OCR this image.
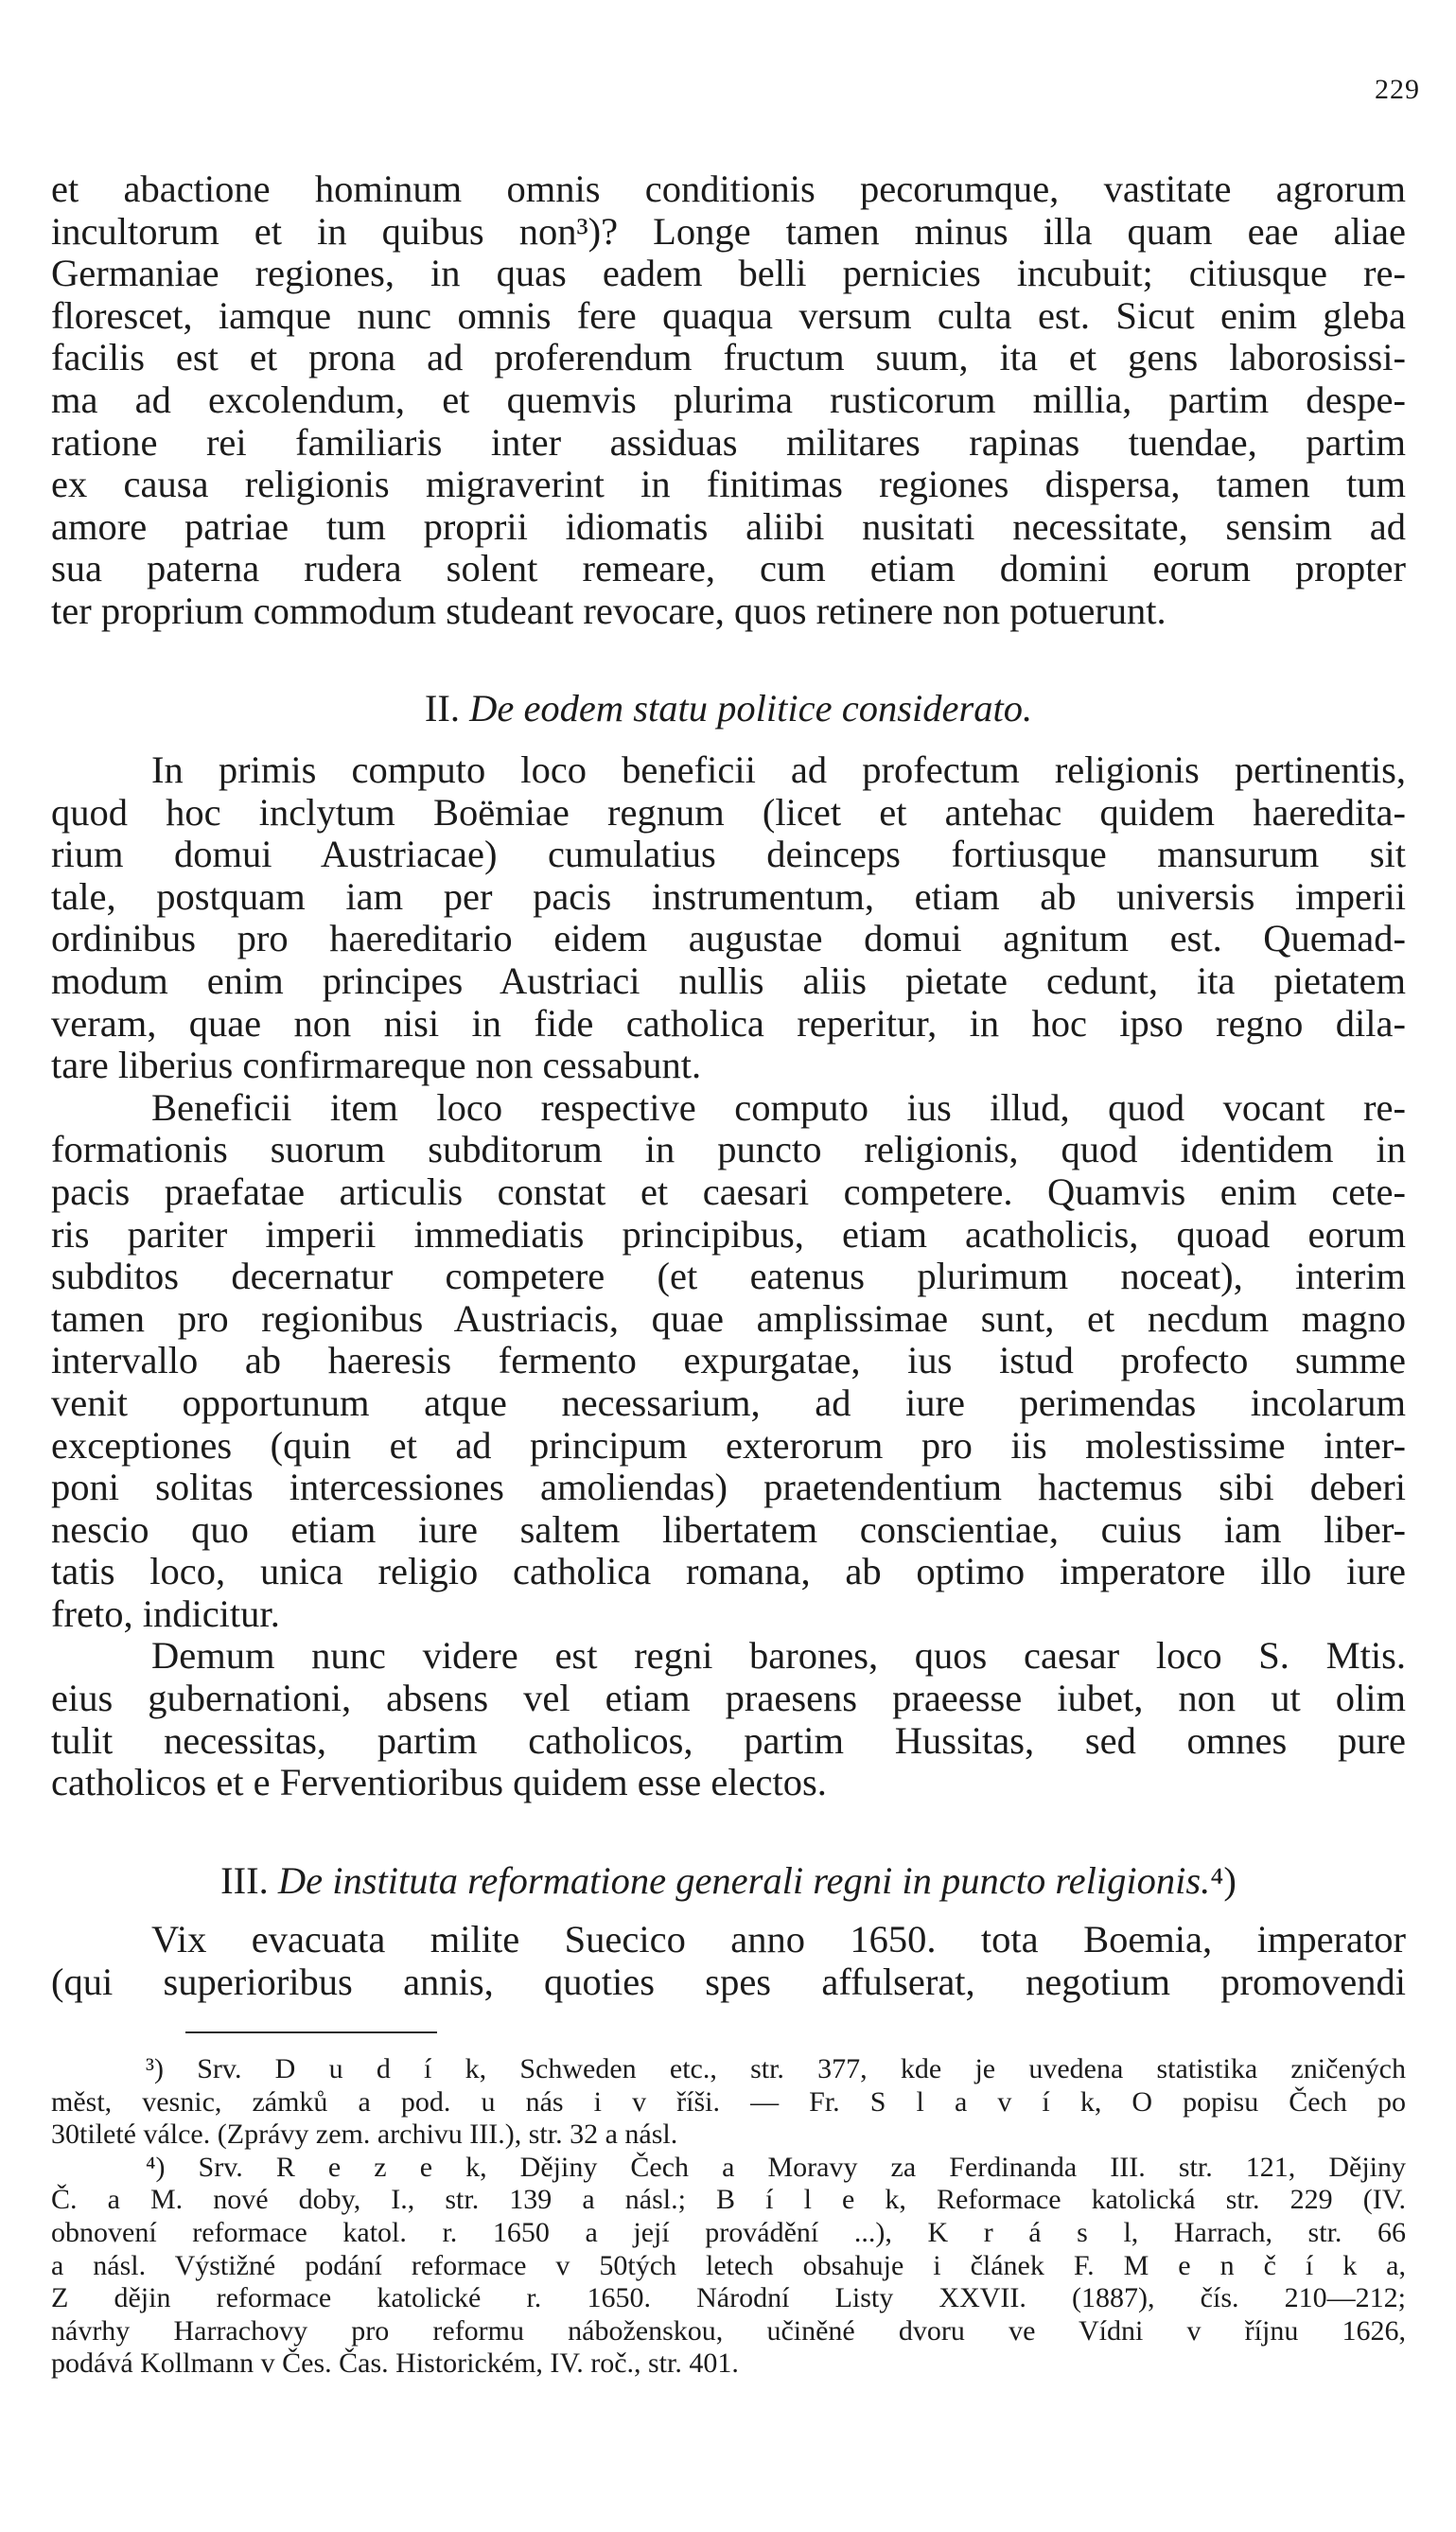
229
et abactione hominum omnis conditionis pecorumque, vastitate agrorum
incultorum et in quibus non³)? Longe tamen minus illa quam eae aliae
Germaniae regiones, in quas eadem belli pernicies incubuit; citiusque re-
florescet, iamque nunc omnis fere quaqua versum culta est. Sicut enim gleba
facilis est et prona ad proferendum fructum suum, ita et gens laborosissi-
ma ad excolendum, et quemvis plurima rusticorum millia, partim despe-
ratione rei familiaris inter assiduas militares rapinas tuendae, partim
ex causa religionis migraverint in finitimas regiones dispersa, tamen tum
amore patriae tum proprii idiomatis aliibi nusitati necessitate, sensim ad
sua paterna rudera solent remeare, cum etiam domini eorum propter
ter proprium commodum studeant revocare, quos retinere non potuerunt.
II. De eodem statu politice considerato.
In primis computo loco beneficii ad profectum religionis pertinentis,
quod hoc inclytum Boëmiae regnum (licet et antehac quidem haeredita-
rium domui Austriacae) cumulatius deinceps fortiusque mansurum sit
tale, postquam iam per pacis instrumentum, etiam ab universis imperii
ordinibus pro haereditario eidem augustae domui agnitum est. Quemad-
modum enim principes Austriaci nullis aliis pietate cedunt, ita pietatem
veram, quae non nisi in fide catholica reperitur, in hoc ipso regno dila-
tare liberius confirmareque non cessabunt.
Beneficii item loco respective computo ius illud, quod vocant re-
formationis suorum subditorum in puncto religionis, quod identidem in
pacis praefatae articulis constat et caesari competere. Quamvis enim cete-
ris pariter imperii immediatis principibus, etiam acatholicis, quoad eorum
subditos decernatur competere (et eatenus plurimum noceat), interim
tamen pro regionibus Austriacis, quae amplissimae sunt, et necdum magno
intervallo ab haeresis fermento expurgatae, ius istud profecto summe
venit opportunum atque necessarium, ad iure perimendas incolarum
exceptiones (quin et ad principum exterorum pro iis molestissime inter-
poni solitas intercessiones amoliendas) praetendentium hactemus sibi deberi
nescio quo etiam iure saltem libertatem conscientiae, cuius iam liber-
tatis loco, unica religio catholica romana, ab optimo imperatore illo iure
freto, indicitur.
Demum nunc videre est regni barones, quos caesar loco S. Mtis.
eius gubernationi, absens vel etiam praesens praeesse iubet, non ut olim
tulit necessitas, partim catholicos, partim Hussitas, sed omnes pure
catholicos et e Ferventioribus quidem esse electos.
III. De instituta reformatione generali regni in puncto religionis.⁴)
Vix evacuata milite Suecico anno 1650. tota Boemia, imperator
(qui superioribus annis, quoties spes affulserat, negotium promovendi
³) Srv. D u d í k, Schweden etc., str. 377, kde je uvedena statistika zničených
měst, vesnic, zámků a pod. u nás i v říši. — Fr. S l a v í k, O popisu Čech po
30tileté válce. (Zprávy zem. archivu III.), str. 32 a násl.
⁴) Srv. R e z e k, Dějiny Čech a Moravy za Ferdinanda III. str. 121, Dějiny
Č. a M. nové doby, I., str. 139 a násl.; B í l e k, Reformace katolická str. 229 (IV.
obnovení reformace katol. r. 1650 a její provádění ...), K r á s l, Harrach, str. 66
a násl. Výstižné podání reformace v 50tých letech obsahuje i článek F. M e n č í k a,
Z dějin reformace katolické r. 1650. Národní Listy XXVII. (1887), čís. 210—212;
návrhy Harrachovy pro reformu náboženskou, učiněné dvoru ve Vídni v říjnu 1626,
podává Kollmann v Čes. Čas. Historickém, IV. roč., str. 401.
